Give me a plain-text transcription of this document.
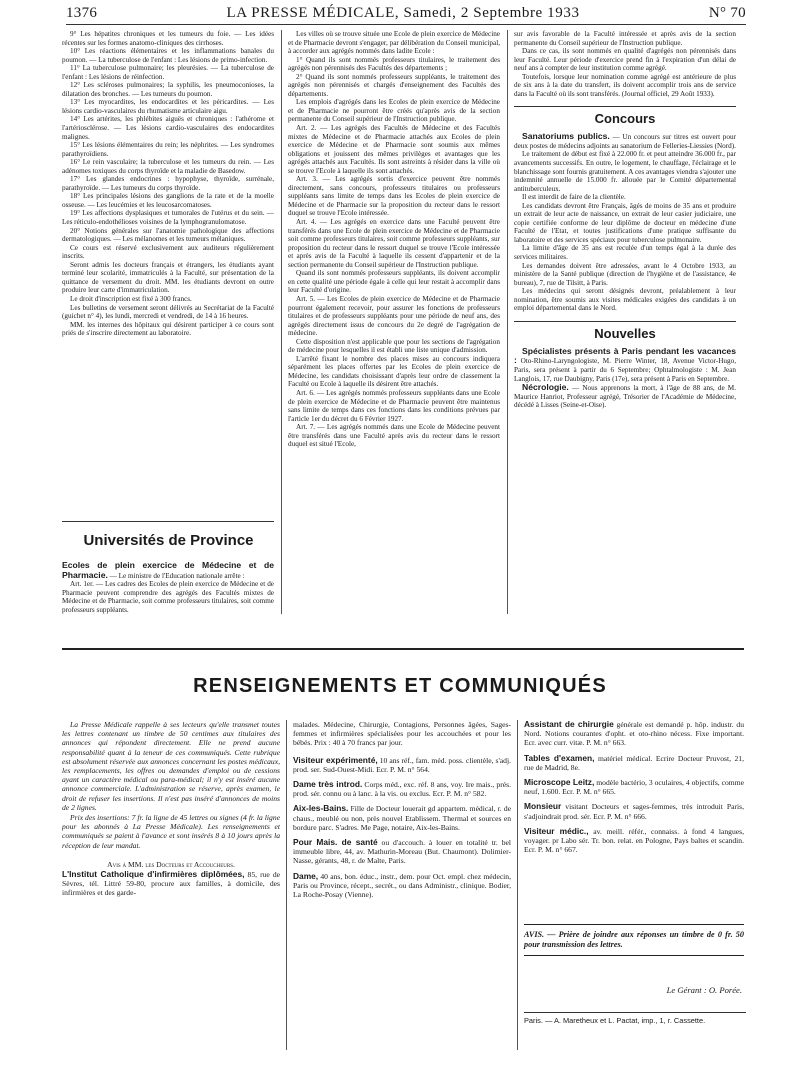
1376	LA PRESSE MÉDICALE, Samedi, 2 Septembre 1933	N° 70

9° Les hépatites chroniques et les tumeurs du foie. — Les idées récentes sur les formes anatomo-cliniques des cirrhoses.

10° Les réactions élémentaires et les inflammations banales du poumon. — La tuberculose de l'enfant : Les lésions de primo-infection.

11° La tuberculose pulmonaire; les pleurésies. — La tuberculose de l'enfant : Les lésions de réinfection.

12° Les scléroses pulmonaires; la syphilis, les pneumoconioses, la dilatation des bronches. — Les tumeurs du poumon.

13° Les myocardites, les endocardites et les péricardites. — Les lésions cardio-vasculaires du rhumatisme articulaire aigu.

14° Les artérites, les phlébites aiguës et chroniques : l'athérome et l'artériosclérose. — Les lésions cardio-vasculaires des endocardites malignes.

15° Les lésions élémentaires du rein; les néphrites. — Les syndromes parathyroïdiens.

16° Le rein vasculaire; la tuberculose et les tumeurs du rein. — Les adénomes toxiques du corps thyroïde et la maladie de Basedow.

17° Les glandes endocrines : hypophyse, thyroïde, surrénale, parathyroïde. — Les tumeurs du corps thyroïde.

18° Les principales lésions des ganglions de la rate et de la moelle osseuse. — Les leucémies et les leucosarcomatoses.

19° Les affections dysplasiques et tumorales de l'utérus et du sein. — Les réticulo-endothélioses voisines de la lymphogranulomatose.

20° Notions générales sur l'anatomie pathologique des affections dermatologiques. — Les mélanomes et les tumeurs mélaniques.

Ce cours est réservé exclusivement aux auditeurs régulièrement inscrits.

Seront admis les docteurs français et étrangers, les étudiants ayant terminé leur scolarité, immatriculés à la Faculté, sur présentation de la quittance de versement du droit. MM. les étudiants devront en outre produire leur carte d'immatriculation.

Le droit d'inscription est fixé à 300 francs.

Les bulletins de versement seront délivrés au Secrétariat de la Faculté (guichet n° 4), les lundi, mercredi et vendredi, de 14 à 16 heures.

MM. les internes des hôpitaux qui désirent participer à ce cours sont priés de s'inscrire directement au laboratoire.

Universités de Province

Ecoles de plein exercice de Médecine et de Pharmacie. — Le ministre de l'Education nationale arrête :

Art. 1er. — Les cadres des Ecoles de plein exercice de Médecine et de Pharmacie peuvent comprendre des agrégés des Facultés mixtes de Médecine et de Pharmacie, soit comme professeurs titulaires, soit comme professeurs suppléants.

Les villes où se trouve située une Ecole de plein exercice de Médecine et de Pharmacie devront s'engager, par délibération du Conseil municipal, à accorder aux agrégés nommés dans ladite Ecole :

1° Quand ils sont nommés professeurs titulaires, le traitement des agrégés non pérennisés des Facultés des départements ;

2° Quand ils sont nommés professeurs suppléants, le traitement des agrégés non pérennisés et chargés d'enseignement des Facultés des départements.

Les emplois d'agrégés dans les Ecoles de plein exercice de Médecine et de Pharmacie ne pourront être créés qu'après avis de la section permanente du Conseil supérieur de l'Instruction publique.

Art. 2. — Les agrégés des Facultés de Médecine et des Facultés mixtes de Médecine et de Pharmacie attachés aux Ecoles de plein exercice de Médecine et de Pharmacie sont soumis aux mêmes obligations et jouissent des mêmes privilèges et avantages que les agrégés attachés aux Facultés. Ils sont astreints à résider dans la ville où se trouve l'Ecole à laquelle ils sont attachés.

Art. 3. — Les agrégés sortis d'exercice peuvent être nommés directement, sans concours, professeurs titulaires ou professeurs suppléants sans limite de temps dans les Ecoles de plein exercice de Médecine et de Pharmacie sur la proposition du recteur dans le ressort duquel se trouve l'Ecole intéressée.

Art. 4. — Les agrégés en exercice dans une Faculté peuvent être transférés dans une Ecole de plein exercice de Médecine et de Pharmacie soit comme professeurs titulaires, soit comme professeurs suppléants, sur proposition du recteur dans le ressort duquel se trouve l'Ecole intéressée et après avis de la Faculté à laquelle ils cessent d'appartenir et de la section permanente du Conseil supérieur de l'Instruction publique.

Quand ils sont nommés professeurs suppléants, ils doivent accomplir en cette qualité une période égale à celle qui leur restait à accomplir dans leur Faculté d'origine.

Art. 5. — Les Ecoles de plein exercice de Médecine et de Pharmacie pourront également recevoir, pour assurer les fonctions de professeurs titulaires et de professeurs suppléants pour une période de neuf ans, des agrégés directement issus de concours du 2e degré de l'agrégation de médecine.

Cette disposition n'est applicable que pour les sections de l'agrégation de médecine pour lesquelles il est établi une liste unique d'admission.

L'arrêté fixant le nombre des places mises au concours indiquera séparément les places offertes par les Ecoles de plein exercice de Médecine, les candidats choisissant d'après leur ordre de classement la Faculté ou Ecole à laquelle ils désirent être attachés.

Art. 6. — Les agrégés nommés professeurs suppléants dans une Ecole de plein exercice de Médecine et de Pharmacie peuvent être maintenus sans limite de temps dans ces fonctions dans les conditions prévues par l'article 1er du décret du 6 Février 1927.

Art. 7. — Les agrégés nommés dans une Ecole de Médecine peuvent être transférés dans une Faculté après avis du recteur dans le ressort duquel est situé l'Ecole,

sur avis favorable de la Faculté intéressée et après avis de la section permanente du Conseil supérieur de l'Instruction publique.

Dans ce cas, ils sont nommés en qualité d'agrégés non pérennisés dans leur Faculté. Leur période d'exercice prend fin à l'expiration d'un délai de neuf ans à compter de leur institution comme agrégé.

Toutefois, lorsque leur nomination comme agrégé est antérieure de plus de six ans à la date du transfert, ils doivent accomplir trois ans de service dans la Faculté où ils sont transférés. (Journal officiel, 29 Août 1933).

Concours

Sanatoriums publics. — Un concours sur titres est ouvert pour deux postes de médecins adjoints au sanatorium de Felleries-Liessies (Nord).

Le traitement de début est fixé à 22.000 fr. et peut atteindre 36.000 fr., par avancements successifs. En outre, le logement, le chauffage, l'éclairage et le blanchissage sont fournis gratuitement. A ces avantages viendra s'ajouter une indemnité annuelle de 15.000 fr. allouée par le Comité départemental antituberculeux.

Il est interdit de faire de la clientèle.

Les candidats devront être Français, âgés de moins de 35 ans et produire un extrait de leur acte de naissance, un extrait de leur casier judiciaire, une copie certifiée conforme de leur diplôme de docteur en médecine d'une Faculté de l'Etat, et toutes justifications d'une pratique suffisante du laboratoire et des services spéciaux pour tuberculose pulmonaire.

La limite d'âge de 35 ans est reculée d'un temps égal à la durée des services militaires.

Les demandes doivent être adressées, avant le 4 Octobre 1933, au ministère de la Santé publique (direction de l'hygiène et de l'assistance, 4e bureau), 7, rue de Tilsitt, à Paris.

Les médecins qui seront désignés devront, préalablement à leur nomination, être soumis aux visites médicales exigées des candidats à un emploi départemental dans le Nord.

Nouvelles

Spécialistes présents à Paris pendant les vacances : Oto-Rhino-Laryngologiste, M. Pierre Winter, 18, Avenue Victor-Hugo, Paris, sera présent à partir du 6 Septembre; Ophtalmologiste : M. Jean Langlois, 17, rue Daubigny, Paris (17e), sera présent à Paris en Septembre.

Nécrologie. — Nous apprenons la mort, à l'âge de 88 ans, de M. Maurice Hanriot, Professeur agrégé, Trésorier de l'Académie de Médecine, décédé à Lisses (Seine-et-Oise).

RENSEIGNEMENTS ET COMMUNIQUÉS

La Presse Médicale rappelle à ses lecteurs qu'elle transmet toutes les lettres contenant un timbre de 50 centimes aux titulaires des annonces qui répondent directement. Elle ne prend aucune responsabilité quant à la teneur de ces communiqués. Cette rubrique est absolument réservée aux annonces concernant les postes médicaux, les remplacements, les offres ou demandes d'emploi ou de cessions ayant un caractère médical ou para-médical; il n'y est inséré aucune annonce commerciale. L'administration se réserve, après examen, le droit de refuser les insertions. Il n'est pas inséré d'annonces de moins de 2 lignes.

Prix des insertions: 7 fr. la ligne de 45 lettres ou signes (4 fr. la ligne pour les abonnés à La Presse Médicale). Les renseignements et communiqués se paient à l'avance et sont insérés 8 à 10 jours après la réception de leur mandat.

Avis à MM. les Docteurs et Accoucheurs.

L'Institut Catholique d'infirmières diplômées, 85, rue de Sèvres, tél. Littré 59-80, procure aux familles, à domicile, des infirmières et des garde-

malades. Médecine, Chirurgie, Contagions, Personnes âgées, Sages-femmes et infirmières spécialisées pour les accouchées et pour les bébés. Prix : 40 à 70 francs par jour.

Visiteur expérimenté, 10 ans réf., fam. méd. poss. clientèle, s'adj. prod. ser. Sud-Ouest-Midi. Ecr. P. M. n° 564.

Dame très introd. Corps méd., exc. réf. 8 ans, voy. Ire mais., prés. prod. sér. connu ou à lanc. à la vis. ou exclus. Ecr. P. M. n° 582.

Aix-les-Bains. Fille de Docteur louerait gd appartem. médical, r. de chaus., meublé ou non, près nouvel Etablissem. Thermal et sources en bordure parc. S'adres. Me Page, notaire, Aix-les-Bains.

Pour Mais. de santé ou d'accouch. à louer en totalité tr. bel immeuble libre, 44, av. Mathurin-Moreau (But. Chaumont). Dolimier-Nasse, gérants, 48, r. de Malte, Paris.

Dame, 40 ans, bon. éduc., instr., dem. pour Oct. empl. chez médecin, Paris ou Province, récept., secrét., ou dans Administr., clinique. Bodier, La Roche-Posay (Vienne).

Assistant de chirurgie générale est demandé p. hôp. industr. du Nord. Notions courantes d'opht. et oto-rhino nécess. Fixe important. Ecr. avec curr. vitæ. P. M. n° 663.

Tables d'examen, matériel médical. Ecrire Docteur Pruvost, 21, rue de Madrid, 8e.

Microscope Leitz, modèle bactério, 3 oculaires, 4 objectifs, comme neuf, 1.600. Ecr. P. M. n° 665.

Monsieur visitant Docteurs et sages-femmes, très introduit Paris, s'adjoindrait prod. sér. Ecr. P. M. n° 666.

Visiteur médic., av. meill. référ., connaiss. à fond 4 langues, voyager. pr Labo sér. Tr. bon. relat. en Pologne, Pays baltes et scandin. Ecr. P. M. n° 667.

AVIS. — Prière de joindre aux réponses un timbre de 0 fr. 50 pour transmission des lettres.
Le Gérant : O. Porée.
Paris. — A. Maretheux et L. Pactat, imp., 1, r. Cassette.
